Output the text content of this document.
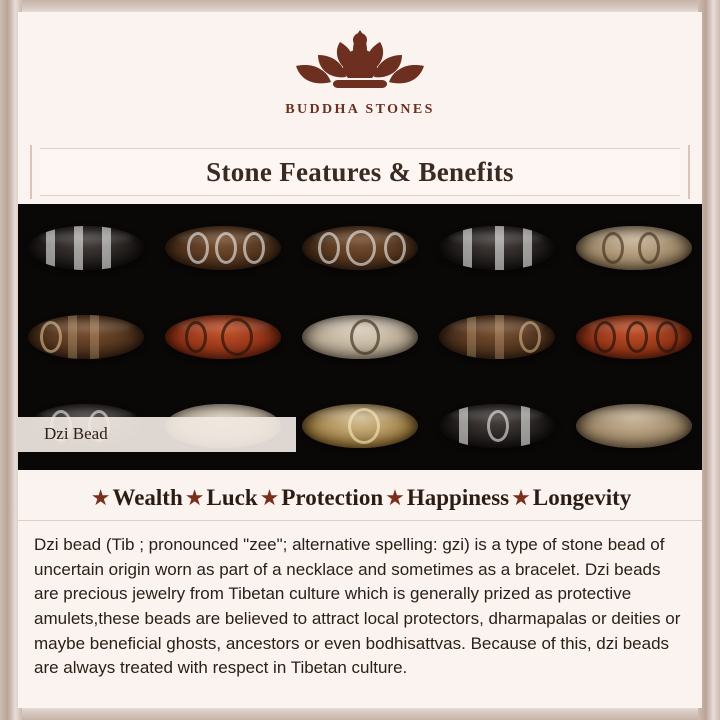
BUDDHA STONES
Stone Features & Benefits
Dzi Bead
★ Wealth ★ Luck ★ Protection ★ Happiness ★ Longevity
Dzi bead (Tib ; pronounced "zee"; alternative spelling: gzi) is a type of stone bead of uncertain origin worn as part of a necklace and sometimes as a bracelet. Dzi beads are precious jewelry from Tibetan culture which is generally prized as protective amulets,these beads are believed to attract local protectors, dharmapalas or deities or maybe beneficial ghosts, ancestors or even bodhisattvas. Because of this, dzi beads are always treated with respect in Tibetan culture.
